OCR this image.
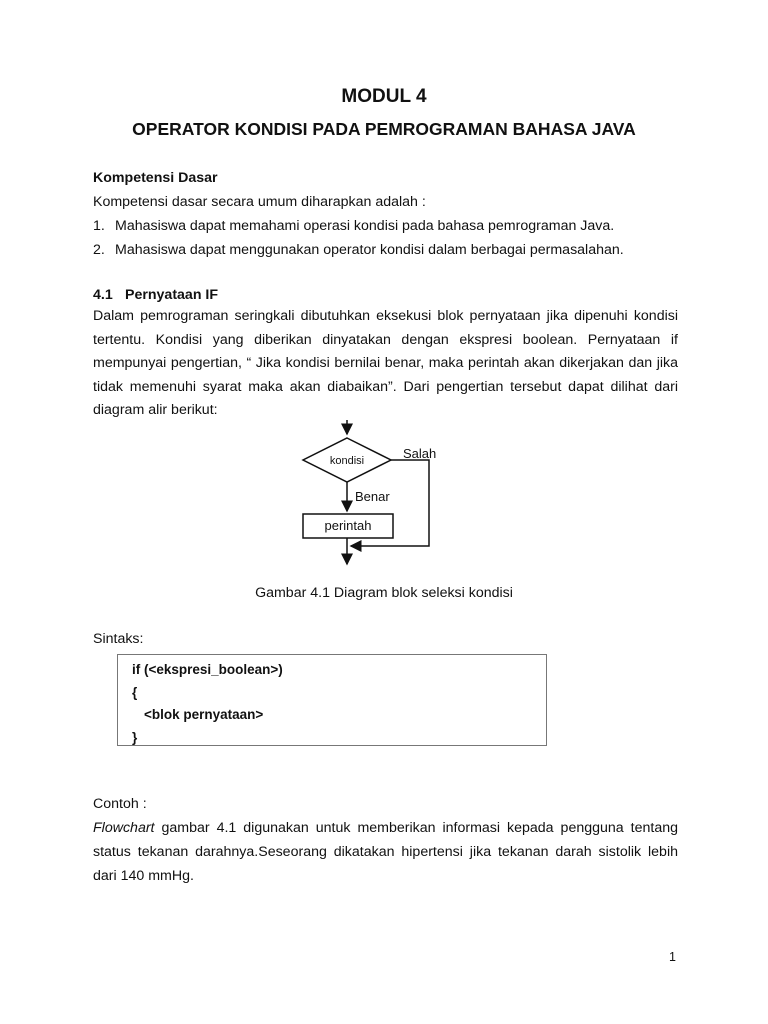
MODUL 4
OPERATOR KONDISI PADA PEMROGRAMAN BAHASA JAVA
Kompetensi Dasar
Kompetensi dasar secara umum diharapkan adalah :
1. Mahasiswa dapat memahami operasi kondisi pada bahasa pemrograman Java.
2. Mahasiswa dapat menggunakan operator kondisi dalam berbagai permasalahan.
4.1 Pernyataan IF
Dalam pemrograman seringkali dibutuhkan eksekusi blok pernyataan jika dipenuhi kondisi tertentu. Kondisi yang diberikan dinyatakan dengan ekspresi boolean. Pernyataan if mempunyai pengertian, “ Jika kondisi bernilai benar, maka perintah akan dikerjakan dan jika tidak memenuhi syarat maka akan diabaikan”. Dari pengertian tersebut dapat dilihat dari diagram alir berikut:
kondisi	Salah
Benar
perintah
Gambar 4.1 Diagram blok seleksi kondisi
Sintaks:
if (<ekspresi_boolean>)
{
<blok pernyataan>
}
Contoh :
Flowchart gambar 4.1 digunakan untuk memberikan informasi kepada pengguna tentang status tekanan darahnya.Seseorang dikatakan hipertensi jika tekanan darah sistolik lebih dari 140 mmHg.
1
